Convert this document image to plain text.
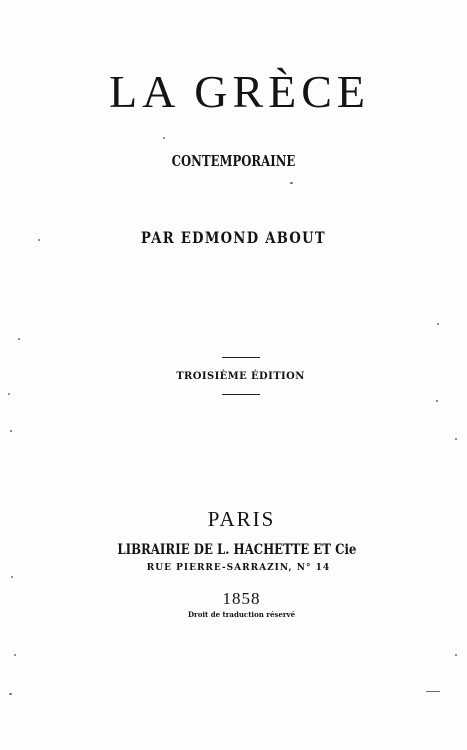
LA GRÈCE
CONTEMPORAINE
PAR EDMOND ABOUT
TROISIÈME ÉDITION
PARIS
LIBRAIRIE DE L. HACHETTE ET Cie
RUE PIERRE-SARRAZIN, N° 14
1858
Droit de traduction réservé
